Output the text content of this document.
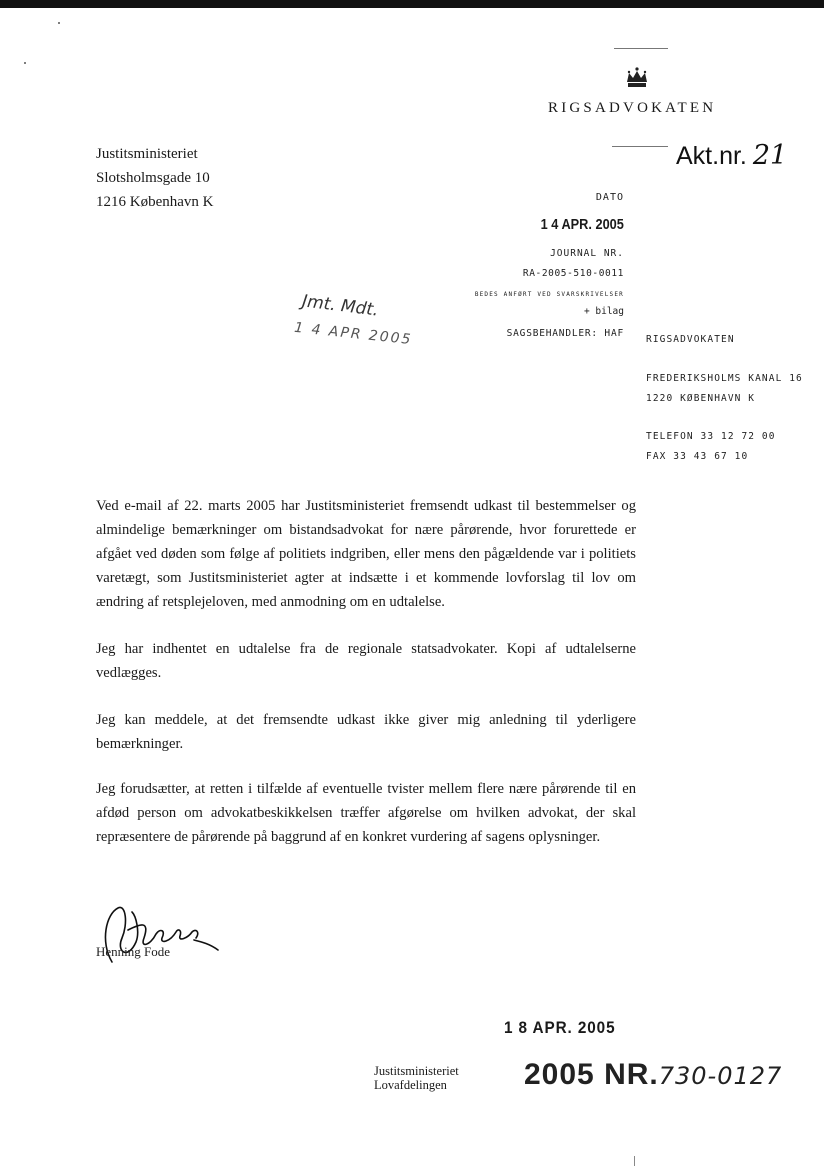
RIGSADVOKATEN
Akt.nr. 21
Justitsministeriet
Slotsholmsgade 10
1216 København K	DATO
1 4 APR. 2005
JOURNAL NR.
RA-2005-510-0011
BEDES ANFØRT VED SVARSKRIVELSER
+ bilag
SAGSBEHANDLER: HAF
Jmt. Mdt.
1 4 APR 2005	RIGSADVOKATEN
FREDERIKSHOLMS KANAL 16
1220 KØBENHAVN K
TELEFON 33 12 72 00
FAX 33 43 67 10

Ved e-mail af 22. marts 2005 har Justitsministeriet fremsendt udkast til bestemmelser og almindelige bemærkninger om bistandsadvokat for nære pårørende, hvor forurettede er afgået ved døden som følge af politiets indgriben, eller mens den pågældende var i politiets varetægt, som Justitsministeriet agter at indsætte i et kommende lovforslag til lov om ændring af retsplejeloven, med anmodning om en udtalelse.

Jeg har indhentet en udtalelse fra de regionale statsadvokater. Kopi af udtalelserne vedlægges.

Jeg kan meddele, at det fremsendte udkast ikke giver mig anledning til yderligere bemærkninger.

Jeg forudsætter, at retten i tilfælde af eventuelle tvister mellem flere nære pårørende til en afdød person om advokatbeskikkelsen træffer afgørelse om hvilken advokat, der skal repræsentere de pårørende på baggrund af en konkret vurdering af sagens oplysninger.

Henning Fode
1 8 APR. 2005
Justitsministeriet
Lovafdelingen	2005 NR.730-0127
